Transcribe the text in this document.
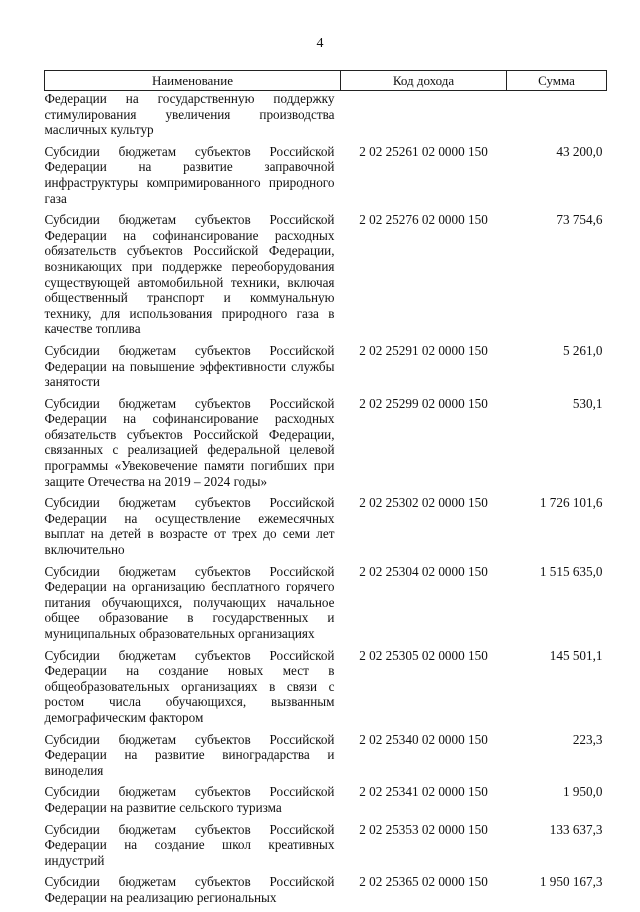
4
Наименование	Код дохода	Сумма
Федерации на государственную поддержку стимулирования увеличения производства масличных культур		
Субсидии бюджетам субъектов Российской Федерации на развитие заправочной инфраструктуры компримированного природного газа	2 02 25261 02 0000 150	43 200,0
Субсидии бюджетам субъектов Российской Федерации на софинансирование расходных обязательств субъектов Российской Федерации, возникающих при поддержке переоборудования существующей автомобильной техники, включая общественный транспорт и коммунальную технику, для использования природного газа в качестве топлива	2 02 25276 02 0000 150	73 754,6
Субсидии бюджетам субъектов Российской Федерации на повышение эффективности службы занятости	2 02 25291 02 0000 150	5 261,0
Субсидии бюджетам субъектов Российской Федерации на софинансирование расходных обязательств субъектов Российской Федерации, связанных с реализацией федеральной целевой программы «Увековечение памяти погибших при защите Отечества на 2019 – 2024 годы»	2 02 25299 02 0000 150	530,1
Субсидии бюджетам субъектов Российской Федерации на осуществление ежемесячных выплат на детей в возрасте от трех до семи лет включительно	2 02 25302 02 0000 150	1 726 101,6
Субсидии бюджетам субъектов Российской Федерации на организацию бесплатного горячего питания обучающихся, получающих начальное общее образование в государственных и муниципальных образовательных организациях	2 02 25304 02 0000 150	1 515 635,0
Субсидии бюджетам субъектов Российской Федерации на создание новых мест в общеобразовательных организациях в связи с ростом числа обучающихся, вызванным демографическим фактором	2 02 25305 02 0000 150	145 501,1
Субсидии бюджетам субъектов Российской Федерации на развитие виноградарства и виноделия	2 02 25340 02 0000 150	223,3
Субсидии бюджетам субъектов Российской Федерации на развитие сельского туризма	2 02 25341 02 0000 150	1 950,0
Субсидии бюджетам субъектов Российской Федерации на создание школ креативных индустрий	2 02 25353 02 0000 150	133 637,3
Субсидии бюджетам субъектов Российской Федерации на реализацию региональных	2 02 25365 02 0000 150	1 950 167,3
